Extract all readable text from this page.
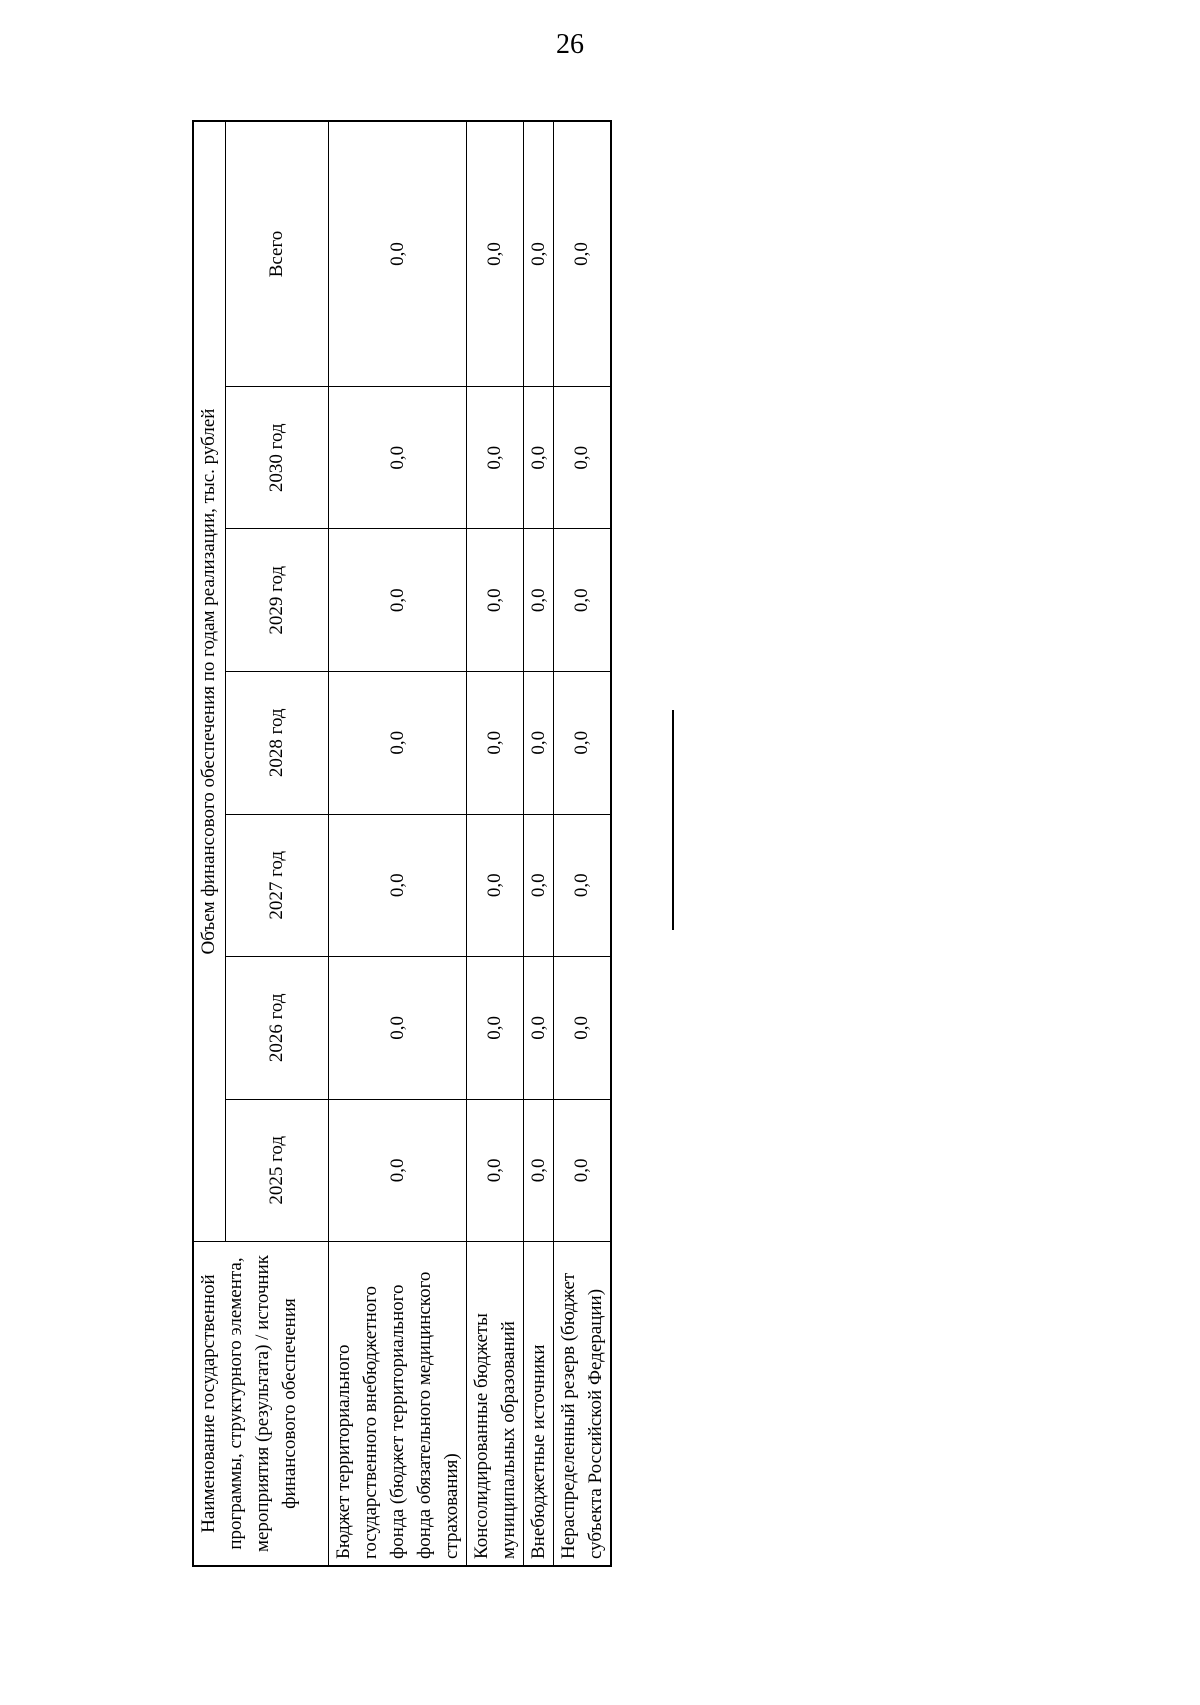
26
Наименование государственной программы, структурного элемента, мероприятия (результата) / источник финансового обеспечения	Объем финансового обеспечения по годам реализации, тыс. рублей						
	2025 год	2026 год	2027 год	2028 год	2029 год	2030 год	Всего
Бюджет территориального государственного внебюджетного фонда (бюджет территориального фонда обязательного медицинского страхования)	0,0	0,0	0,0	0,0	0,0	0,0	0,0
Консолидированные бюджеты муниципальных образований	0,0	0,0	0,0	0,0	0,0	0,0	0,0
Внебюджетные источники	0,0	0,0	0,0	0,0	0,0	0,0	0,0
Нераспределенный резерв (бюджет субъекта Российской Федерации)	0,0	0,0	0,0	0,0	0,0	0,0	0,0
